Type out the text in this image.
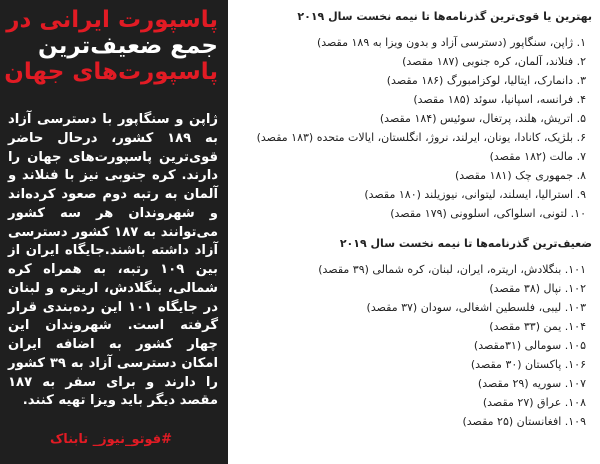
پاسپورت ایرانی در
جمع ضعیف‌ترین
پاسپورت‌های جهان
ژاپن و سنگاپور با دسترسی آزاد به ۱۸۹ کشور، درحال حاضر قوی‌ترین پاسپورت‌های جهان را دارند. کره جنوبی نیز با فنلاند و آلمان به رتبه دوم صعود کرده‌اند و شهروندان هر سه کشور می‌توانند به ۱۸۷ کشور دسترسی آزاد داشته باشند.جایگاه ایران از بین ۱۰۹ رتبه، به همراه کره شمالی، بنگلادش، اریتره و لبنان در جایگاه ۱۰۱ این رده‌بندی قرار گرفته است. شهروندان این چهار کشور به اضافه ایران امکان دسترسی آزاد به ۳۹ کشور را دارند و برای سفر به ۱۸۷ مقصد دیگر باید ویزا تهیه کنند.
#فوتو_نیوز_ تابناک
بهترین یا قوی‌ترین گذرنامه‌ها تا نیمه نخست سال ۲۰۱۹
۱. ژاپن، سنگاپور (دسترسی آزاد و بدون ویزا به ۱۸۹ مقصد)
۲. فنلاند، آلمان، کره جنوبی (۱۸۷ مقصد)
۳. دانمارک، ایتالیا، لوکزامبورگ (۱۸۶ مقصد)
۴. فرانسه، اسپانیا، سوئد (۱۸۵ مقصد)
۵. اتریش، هلند، پرتغال، سوئیس (۱۸۴ مقصد)
۶. بلژیک، کانادا، یونان، ایرلند، نروژ، انگلستان، ایالات متحده (۱۸۳ مقصد)
۷. مالت (۱۸۲ مقصد)
۸. جمهوری چک (۱۸۱ مقصد)
۹. استرالیا، ایسلند، لیتوانی، نیوزیلند (۱۸۰ مقصد)
۱۰. لتونی، اسلواکی، اسلوونی (۱۷۹ مقصد)
ضعیف‌ترین گذرنامه‌ها تا نیمه نخست سال ۲۰۱۹
۱۰۱. بنگلادش، اریتره، ایران، لبنان، کره شمالی (۳۹ مقصد)
۱۰۲. نپال (۳۸ مقصد)
۱۰۳. لیبی، فلسطین اشغالی، سودان (۳۷ مقصد)
۱۰۴. یمن (۳۳ مقصد)
۱۰۵. سومالی (۳۱مقصد)
۱۰۶. پاکستان (۳۰ مقصد)
۱۰۷. سوریه (۲۹ مقصد)
۱۰۸. عراق (۲۷ مقصد)
۱۰۹. افغانستان (۲۵ مقصد)
